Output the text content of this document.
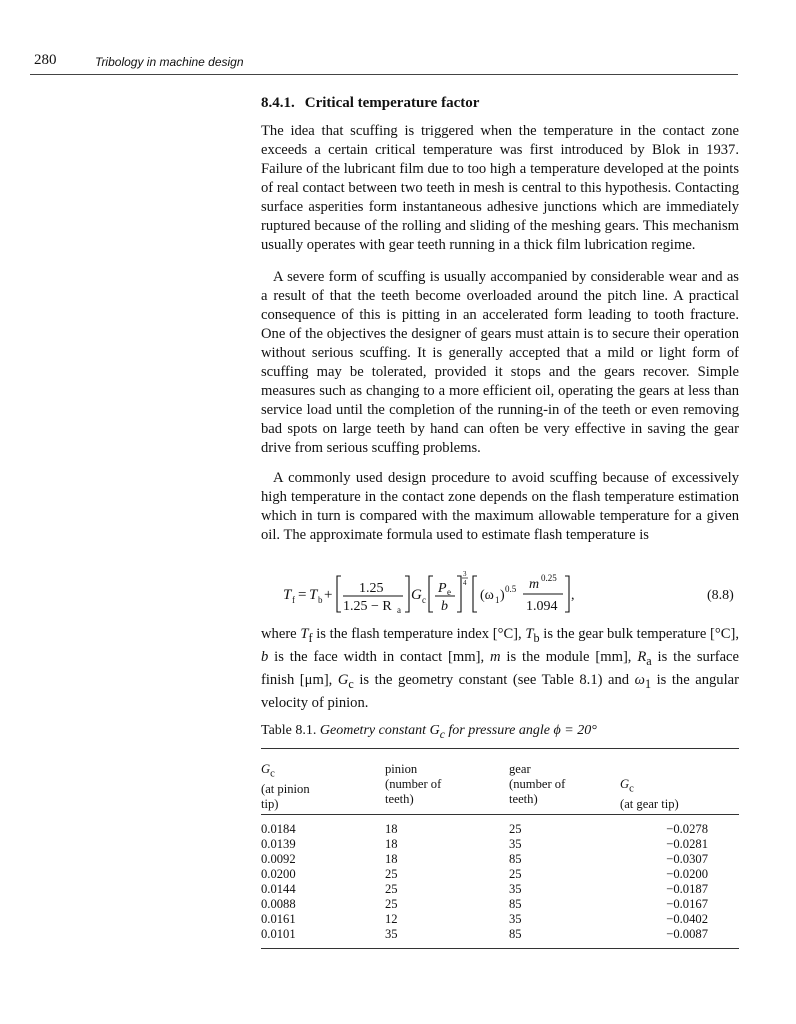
280	Tribology in machine design
8.4.1. Critical temperature factor

The idea that scuffing is triggered when the temperature in the contact zone exceeds a certain critical temperature was first introduced by Blok in 1937. Failure of the lubricant film due to too high a temperature developed at the points of real contact between two teeth in mesh is central to this hypothesis. Contacting surface asperities form instantaneous adhesive junctions which are immediately ruptured because of the rolling and sliding of the meshing gears. This mechanism usually operates with gear teeth running in a thick film lubrication regime.

A severe form of scuffing is usually accompanied by considerable wear and as a result of that the teeth become overloaded around the pitch line. A practical consequence of this is pitting in an accelerated form leading to tooth fracture. One of the objectives the designer of gears must attain is to secure their operation without serious scuffing. It is generally accepted that a mild or light form of scuffing may be tolerated, provided it stops and the gears recover. Simple measures such as changing to a more efficient oil, operating the gears at less than service load until the completion of the running-in of the teeth or even removing bad spots on large teeth by hand can often be very effective in saving the gear drive from serious scuffing problems.

A commonly used design procedure to avoid scuffing because of excessively high temperature in the contact zone depends on the flash temperature estimation which in turn is compared with the maximum allowable temperature for a given oil. The approximate formula used to estimate flash temperature is

T f = T b + 1.25
1.25 − R a
G c
P e
b
3
4
(ω 1 ) 0.5 m 0.25
1.094
,	(8.8)

where $T_f$ is the flash temperature index [°C], $T_b$ is the gear bulk temperature [°C], b is the face width in contact [mm], m is the module [mm], $R_a$ is the surface finish [μm], $G_c$ is the geometry constant (see Table 8.1) and $\omega_1$ is the angular velocity of pinion.

Table 8.1. Geometry constant $G_c$ for pressure angle ϕ = 20°
$G_c$
(at pinion
tip)
pinion
(number of
teeth)
gear
(number of
teeth)
$G_c$
(at gear tip)
0.0184	18	25	−0.0278
0.0139	18	35	−0.0281
0.0092	18	85	−0.0307
0.0200	25	25	−0.0200
0.0144	25	35	−0.0187
0.0088	25	85	−0.0167
0.0161	12	35	−0.0402
0.0101	35	85	−0.0087
